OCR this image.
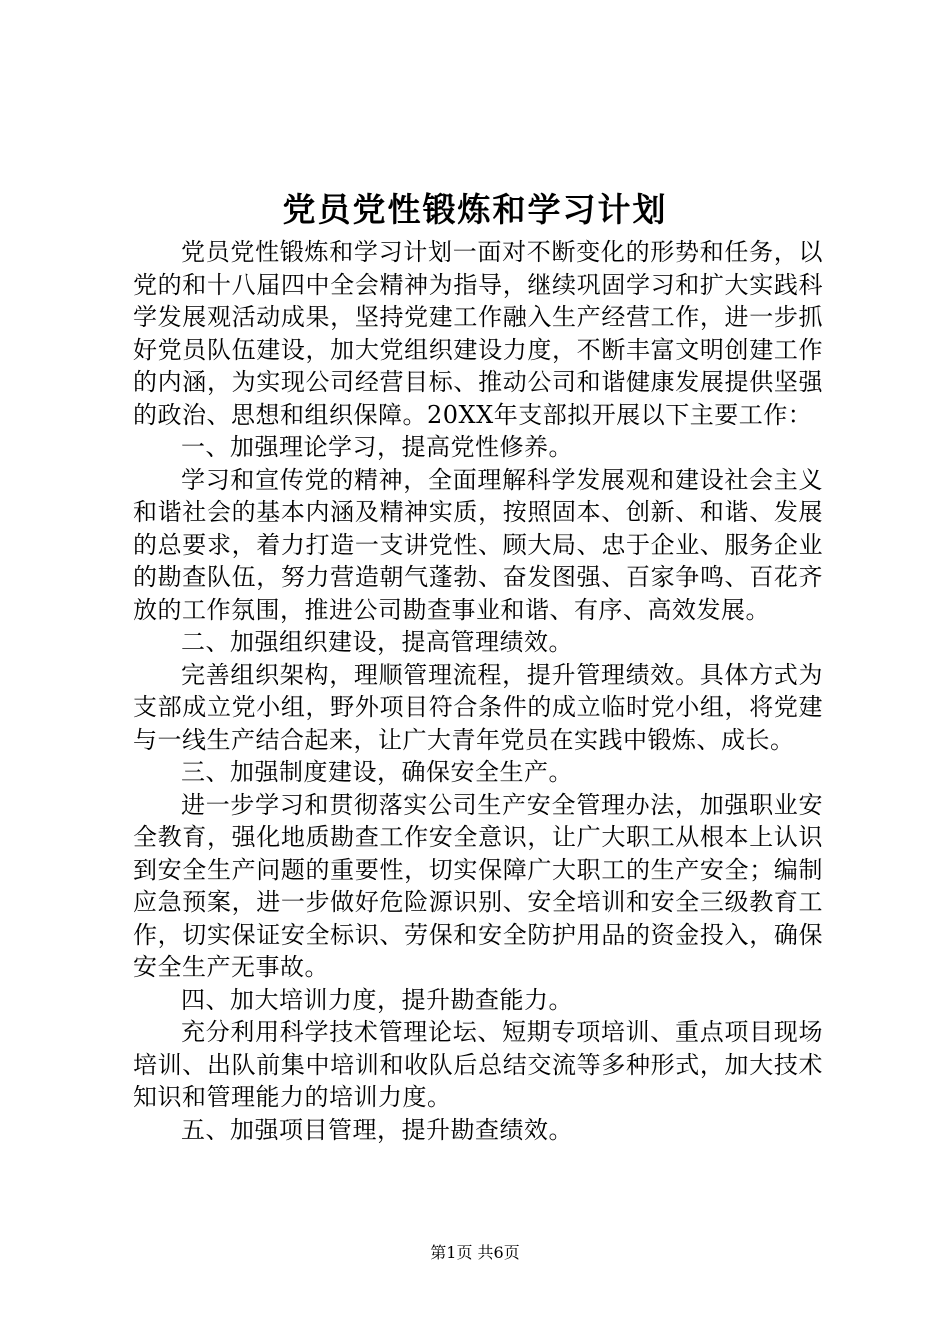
党员党性锻炼和学习计划

党员党性锻炼和学习计划一面对不断变化的形势和任务，以党的和十八届四中全会精神为指导，继续巩固学习和扩大实践科学发展观活动成果，坚持党建工作融入生产经营工作，进一步抓好党员队伍建设，加大党组织建设力度，不断丰富文明创建工作的内涵，为实现公司经营目标、推动公司和谐健康发展提供坚强的政治、思想和组织保障。20XX年支部拟开展以下主要工作：

一、加强理论学习，提高党性修养。

学习和宣传党的精神，全面理解科学发展观和建设社会主义和谐社会的基本内涵及精神实质，按照固本、创新、和谐、发展的总要求，着力打造一支讲党性、顾大局、忠于企业、服务企业的勘查队伍，努力营造朝气蓬勃、奋发图强、百家争鸣、百花齐放的工作氛围，推进公司勘查事业和谐、有序、高效发展。

二、加强组织建设，提高管理绩效。

完善组织架构，理顺管理流程，提升管理绩效。具体方式为支部成立党小组，野外项目符合条件的成立临时党小组，将党建与一线生产结合起来，让广大青年党员在实践中锻炼、成长。

三、加强制度建设，确保安全生产。

进一步学习和贯彻落实公司生产安全管理办法，加强职业安全教育，强化地质勘查工作安全意识，让广大职工从根本上认识到安全生产问题的重要性，切实保障广大职工的生产安全；编制应急预案，进一步做好危险源识别、安全培训和安全三级教育工作，切实保证安全标识、劳保和安全防护用品的资金投入，确保安全生产无事故。

四、加大培训力度，提升勘查能力。

充分利用科学技术管理论坛、短期专项培训、重点项目现场培训、出队前集中培训和收队后总结交流等多种形式，加大技术知识和管理能力的培训力度。

五、加强项目管理，提升勘查绩效。

第1页 共6页
